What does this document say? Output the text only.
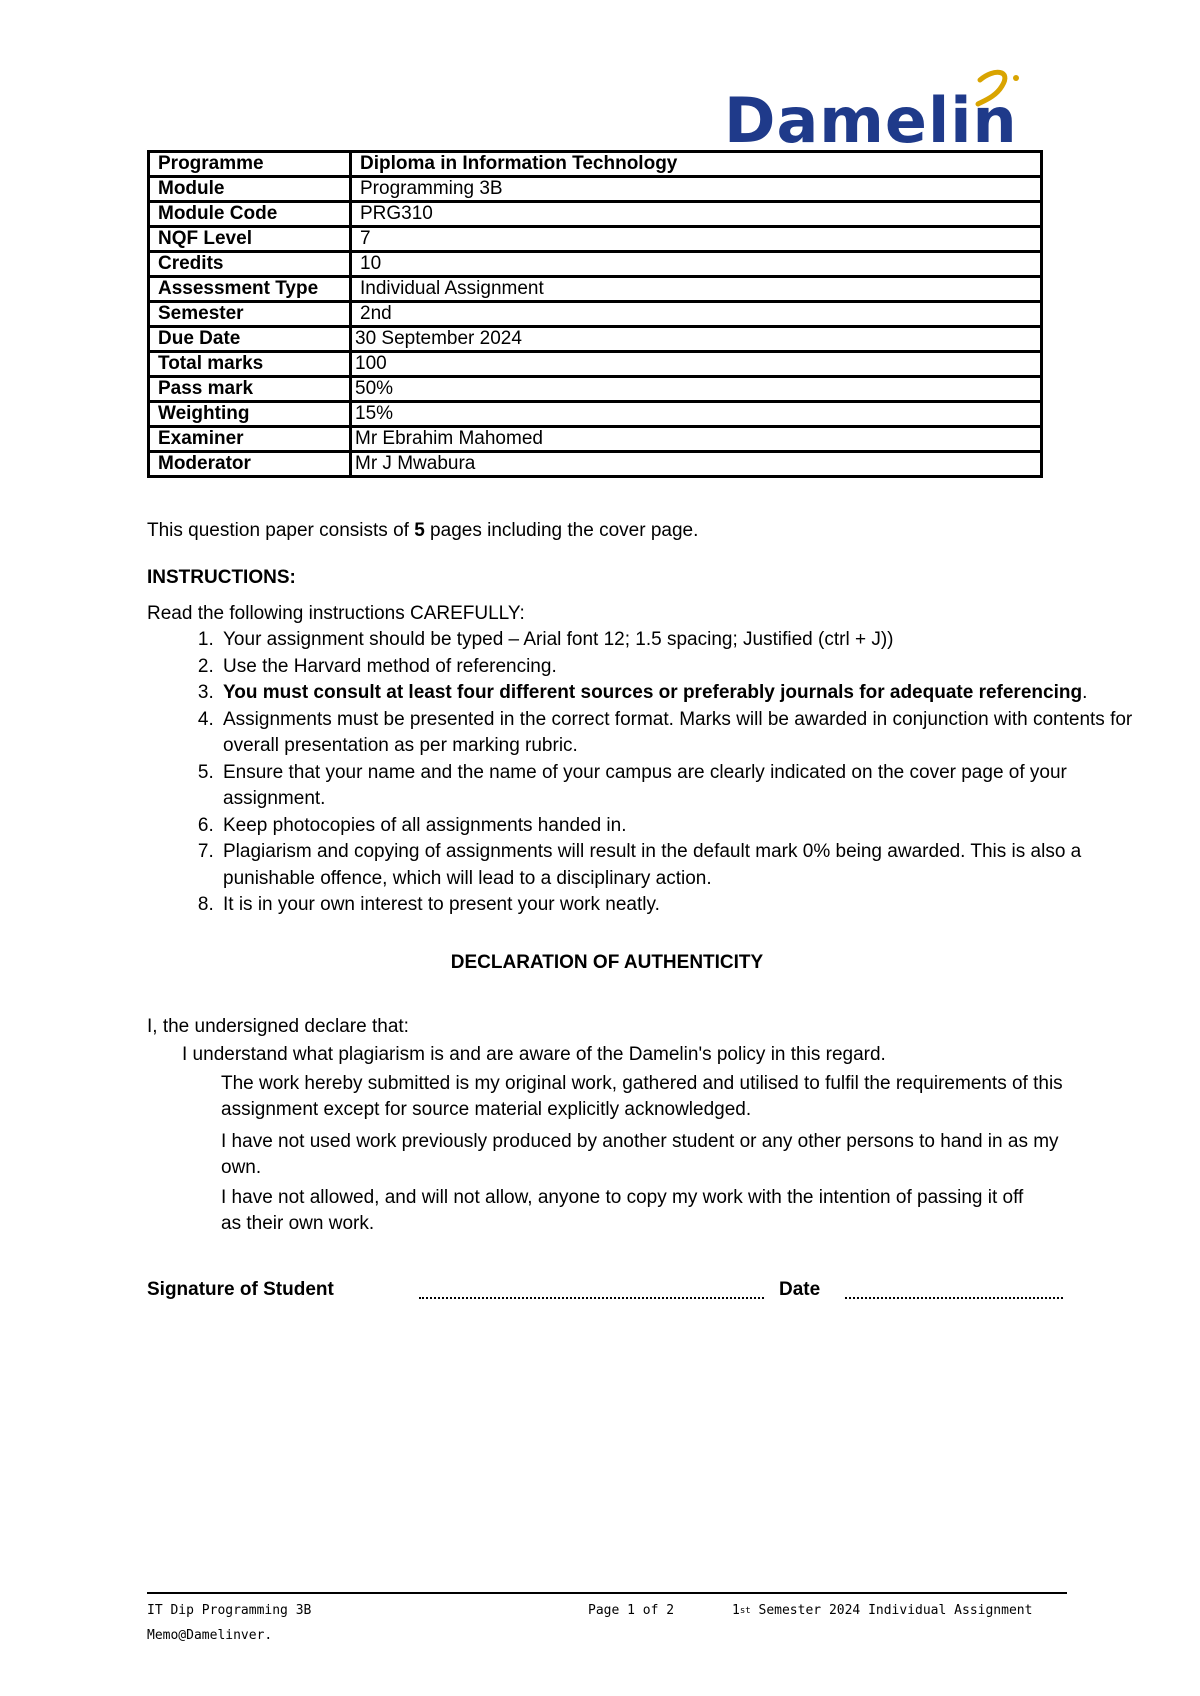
Damelin
Programme	Diploma in Information Technology
Module	Programming 3B
Module Code	PRG310
NQF Level	7
Credits	10
Assessment Type	Individual Assignment
Semester	2nd
Due Date	30 September 2024
Total marks	100
Pass mark	50%
Weighting	15%
Examiner	Mr Ebrahim Mahomed
Moderator	Mr J Mwabura
This question paper consists of 5 pages including the cover page.
INSTRUCTIONS:
Read the following instructions CAREFULLY:
1. Your assignment should be typed – Arial font 12; 1.5 spacing; Justified (ctrl + J))
2. Use the Harvard method of referencing.
3. You must consult at least four different sources or preferably journals for adequate referencing.
4. Assignments must be presented in the correct format. Marks will be awarded in conjunction with contents for overall presentation as per marking rubric.
5. Ensure that your name and the name of your campus are clearly indicated on the cover page of your assignment.
6. Keep photocopies of all assignments handed in.
7. Plagiarism and copying of assignments will result in the default mark 0% being awarded. This is also a punishable offence, which will lead to a disciplinary action.
8. It is in your own interest to present your work neatly.
DECLARATION OF AUTHENTICITY
I, the undersigned declare that:
I understand what plagiarism is and are aware of the Damelin's policy in this regard.
The work hereby submitted is my original work, gathered and utilised to fulfil the requirements of this assignment except for source material explicitly acknowledged.
I have not used work previously produced by another student or any other persons to hand in as my own.
I have not allowed, and will not allow, anyone to copy my work with the intention of passing it off as their own work.
Signature of Student	Date
IT Dip Programming 3B	Page 1 of 2	1st Semester 2024 Individual Assignment
Memo@Damelinver.
